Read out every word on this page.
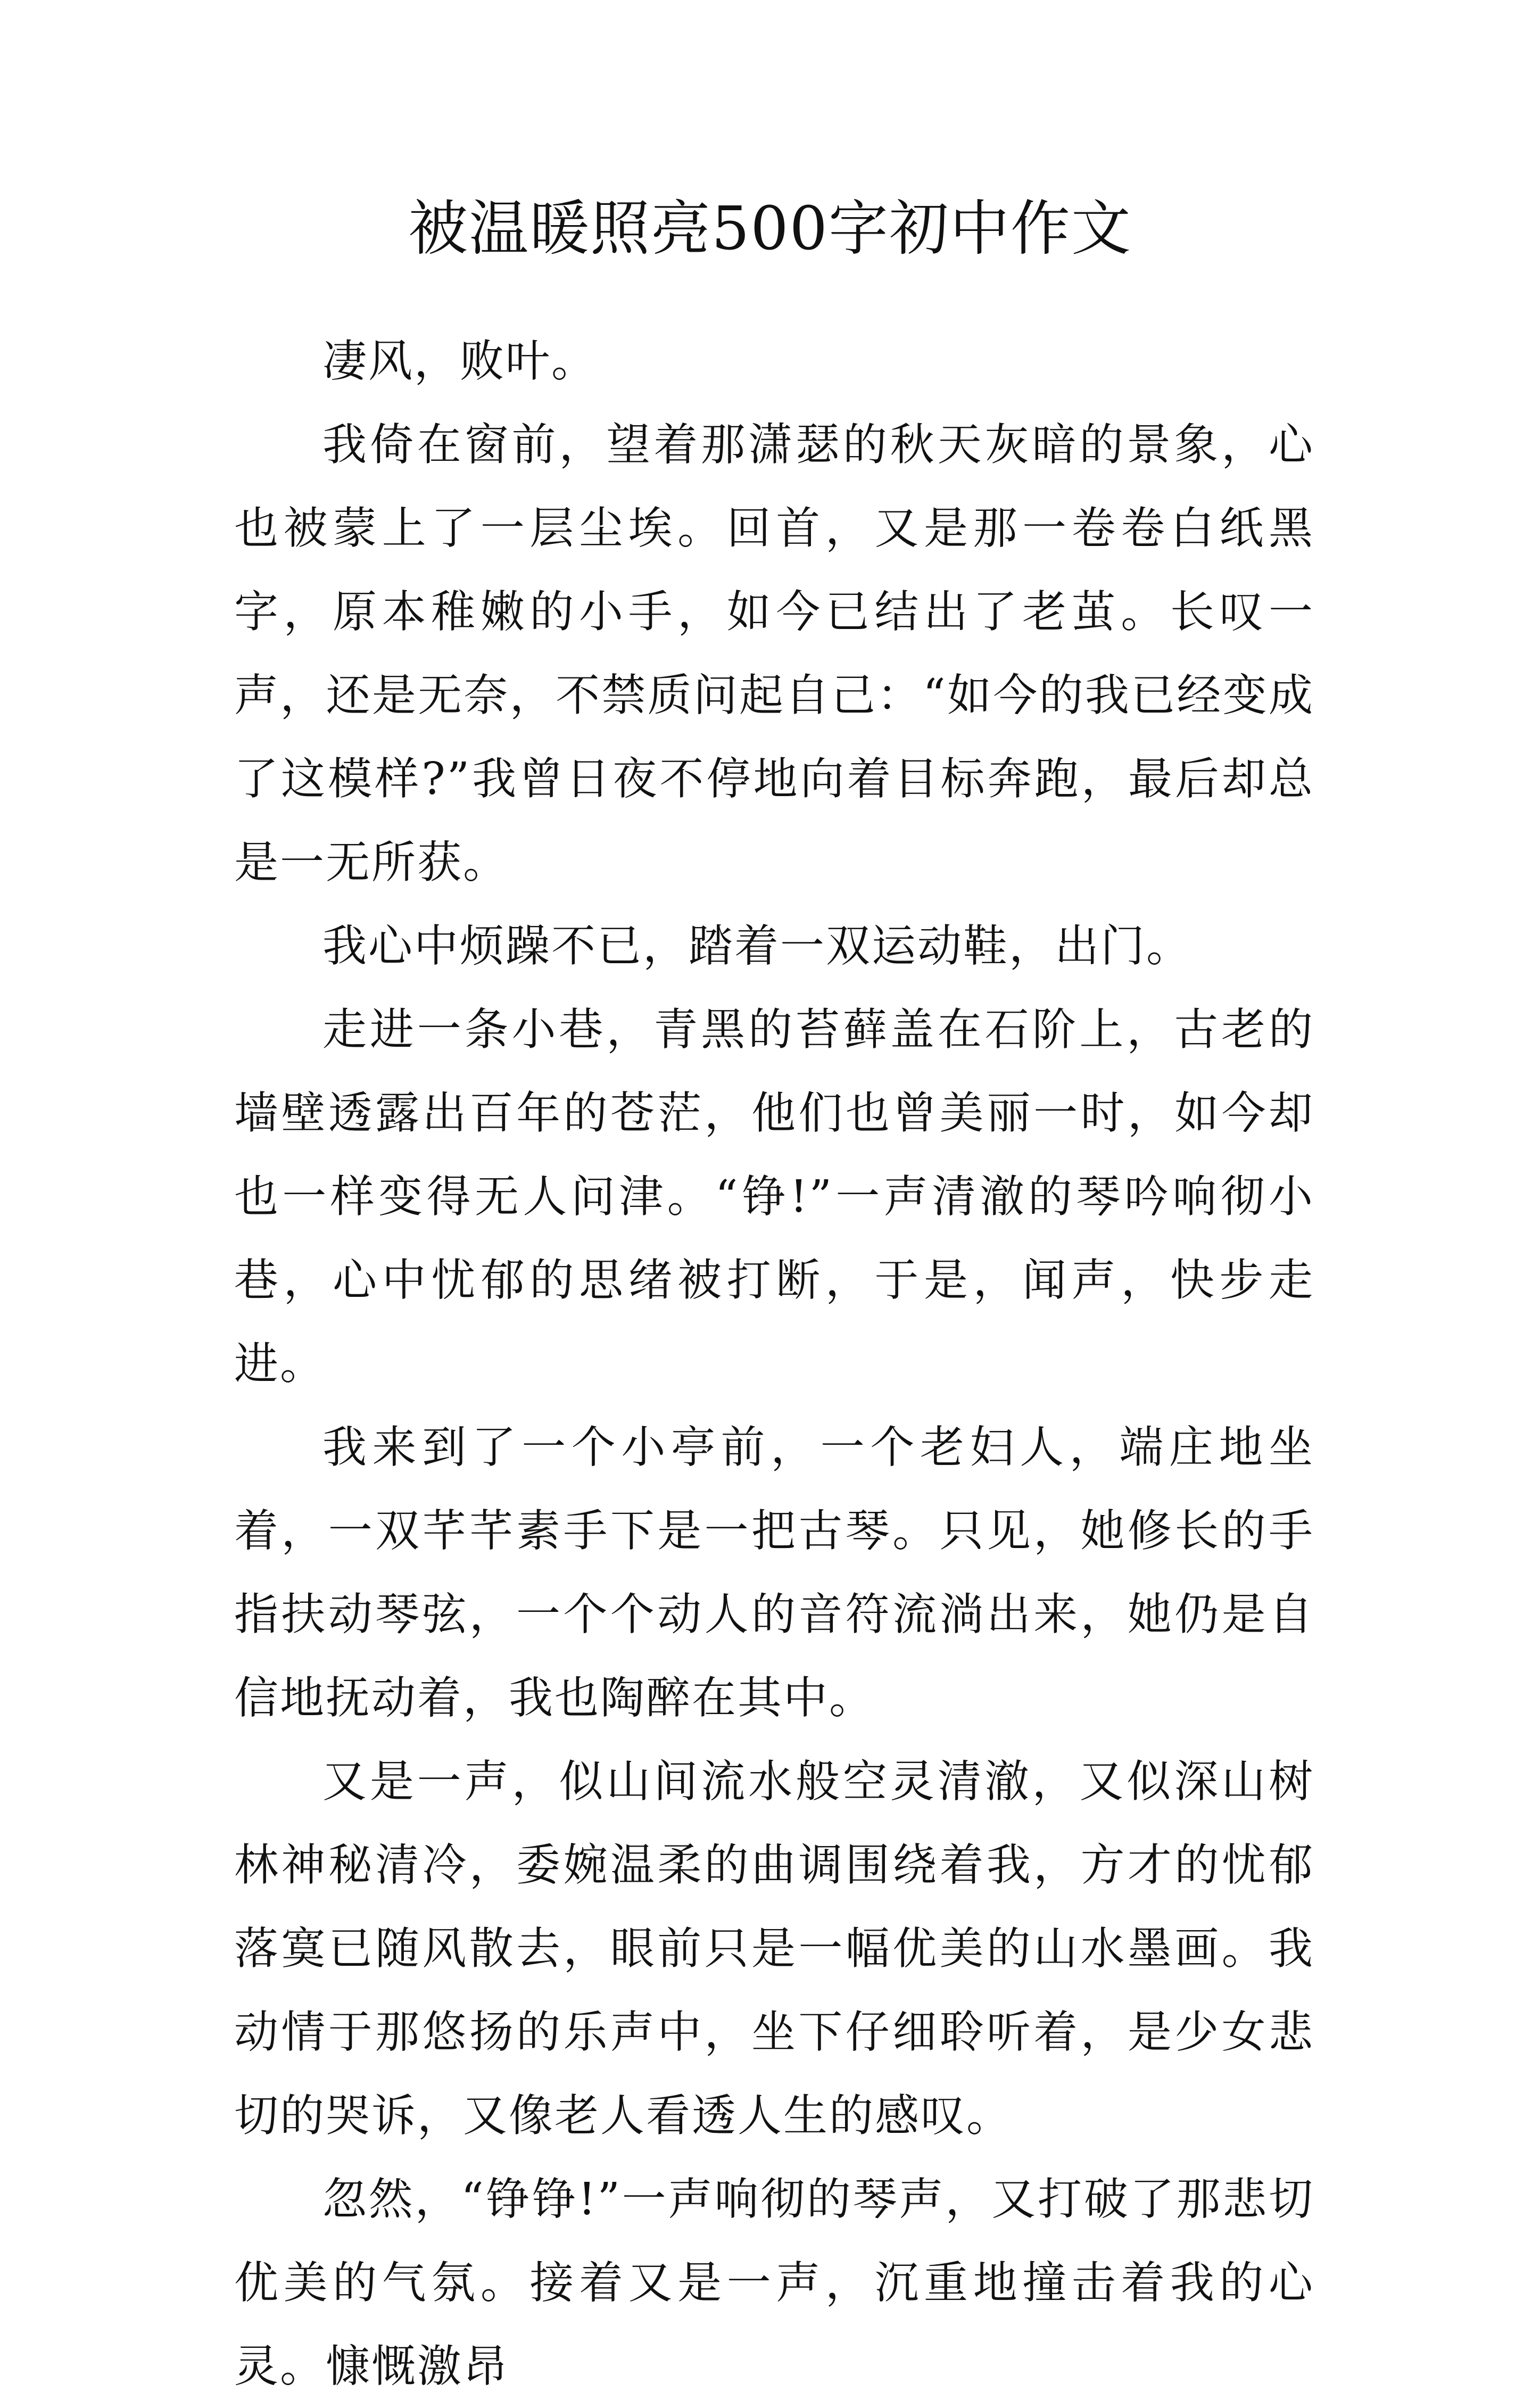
被温暖照亮500字初中作文

凄风，败叶。

我倚在窗前，望着那潇瑟的秋天灰暗的景象，心也被蒙上了一层尘埃。回首，又是那一卷卷白纸黑字，原本稚嫩的小手，如今已结出了老茧。长叹一声，还是无奈，不禁质问起自己：“如今的我已经变成了这模样?”我曾日夜不停地向着目标奔跑，最后却总是一无所获。

我心中烦躁不已，踏着一双运动鞋，出门。

走进一条小巷，青黑的苔藓盖在石阶上，古老的墙壁透露出百年的苍茫，他们也曾美丽一时，如今却也一样变得无人问津。“铮!”一声清澈的琴吟响彻小巷，心中忧郁的思绪被打断，于是，闻声，快步走进。

我来到了一个小亭前，一个老妇人，端庄地坐着，一双芊芊素手下是一把古琴。只见，她修长的手指扶动琴弦，一个个动人的音符流淌出来，她仍是自信地抚动着，我也陶醉在其中。

又是一声，似山间流水般空灵清澈，又似深山树林神秘清冷，委婉温柔的曲调围绕着我，方才的忧郁落寞已随风散去，眼前只是一幅优美的山水墨画。我动情于那悠扬的乐声中，坐下仔细聆听着，是少女悲切的哭诉，又像老人看透人生的感叹。

忽然，“铮铮!”一声响彻的琴声，又打破了那悲切优美的气氛。接着又是一声，沉重地撞击着我的心灵。慷慨激昂
